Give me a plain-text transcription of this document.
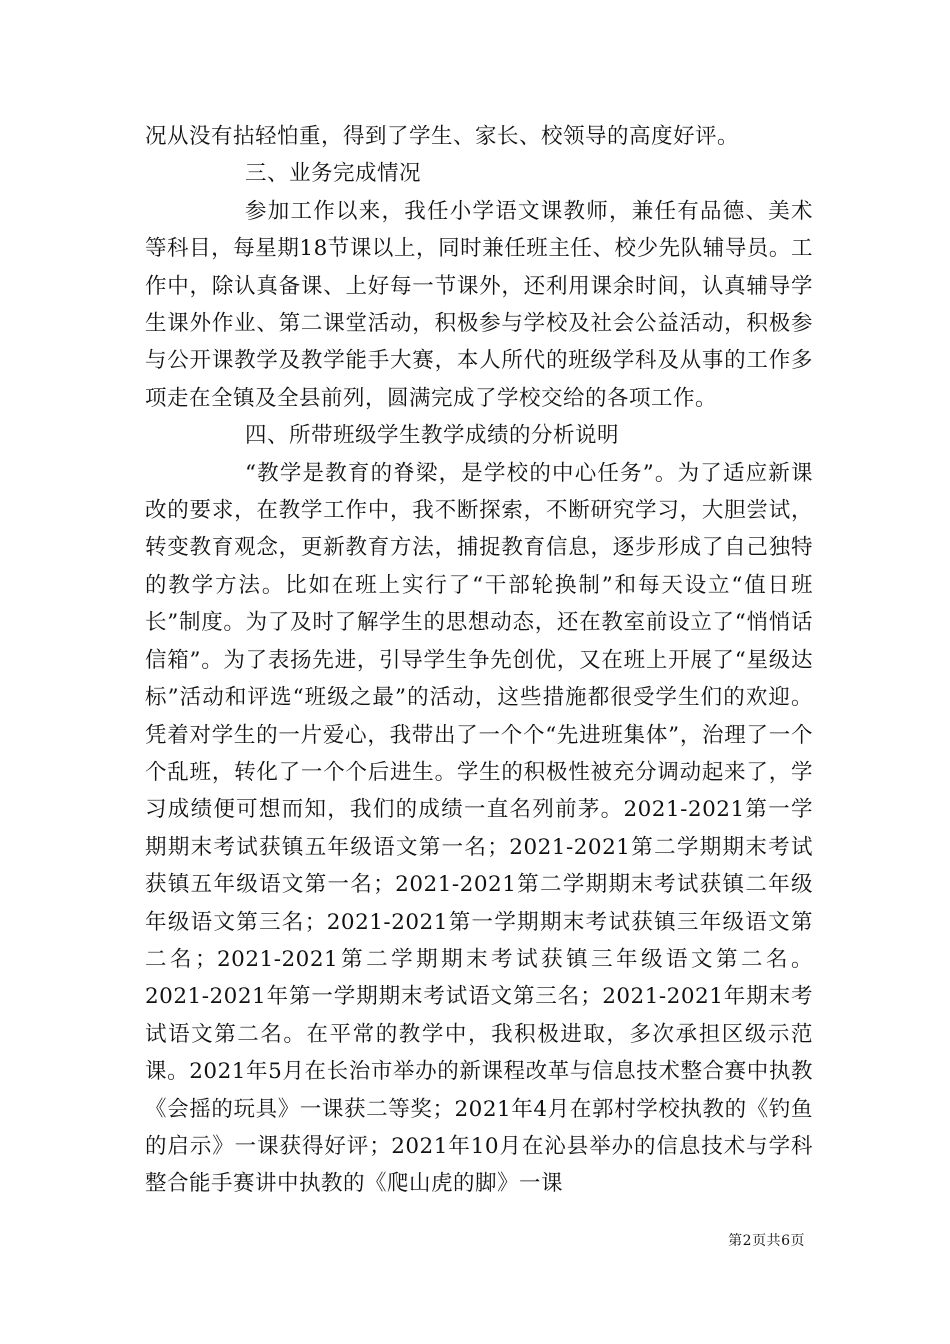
况从没有拈轻怕重，得到了学生、家长、校领导的高度好评。

三、业务完成情况

参加工作以来，我任小学语文课教师，兼任有品德、美术等科目，每星期18节课以上，同时兼任班主任、校少先队辅导员。工作中，除认真备课、上好每一节课外，还利用课余时间，认真辅导学生课外作业、第二课堂活动，积极参与学校及社会公益活动，积极参与公开课教学及教学能手大赛，本人所代的班级学科及从事的工作多项走在全镇及全县前列，圆满完成了学校交给的各项工作。

四、所带班级学生教学成绩的分析说明

“教学是教育的脊梁，是学校的中心任务”。为了适应新课改的要求，在教学工作中，我不断探索，不断研究学习，大胆尝试，转变教育观念，更新教育方法，捕捉教育信息，逐步形成了自己独特的教学方法。比如在班上实行了“干部轮换制”和每天设立“值日班长”制度。为了及时了解学生的思想动态，还在教室前设立了“悄悄话信箱”。为了表扬先进，引导学生争先创优，又在班上开展了“星级达标”活动和评选“班级之最”的活动，这些措施都很受学生们的欢迎。凭着对学生的一片爱心，我带出了一个个“先进班集体”，治理了一个个乱班，转化了一个个后进生。学生的积极性被充分调动起来了，学习成绩便可想而知，我们的成绩一直名列前茅。2021-2021第一学期期末考试获镇五年级语文第一名；2021-2021第二学期期末考试获镇五年级语文第一名；2021-2021第二学期期末考试获镇二年级年级语文第三名；2021-2021第一学期期末考试获镇三年级语文第二名；2021-2021第二学期期末考试获镇三年级语文第二名。2021-2021年第一学期期末考试语文第三名；2021-2021年期末考试语文第二名。在平常的教学中，我积极进取，多次承担区级示范课。2021年5月在长治市举办的新课程改革与信息技术整合赛中执教《会摇的玩具》一课获二等奖；2021年4月在郭村学校执教的《钓鱼的启示》一课获得好评；2021年10月在沁县举办的信息技术与学科整合能手赛讲中执教的《爬山虎的脚》一课

第2页共6页
